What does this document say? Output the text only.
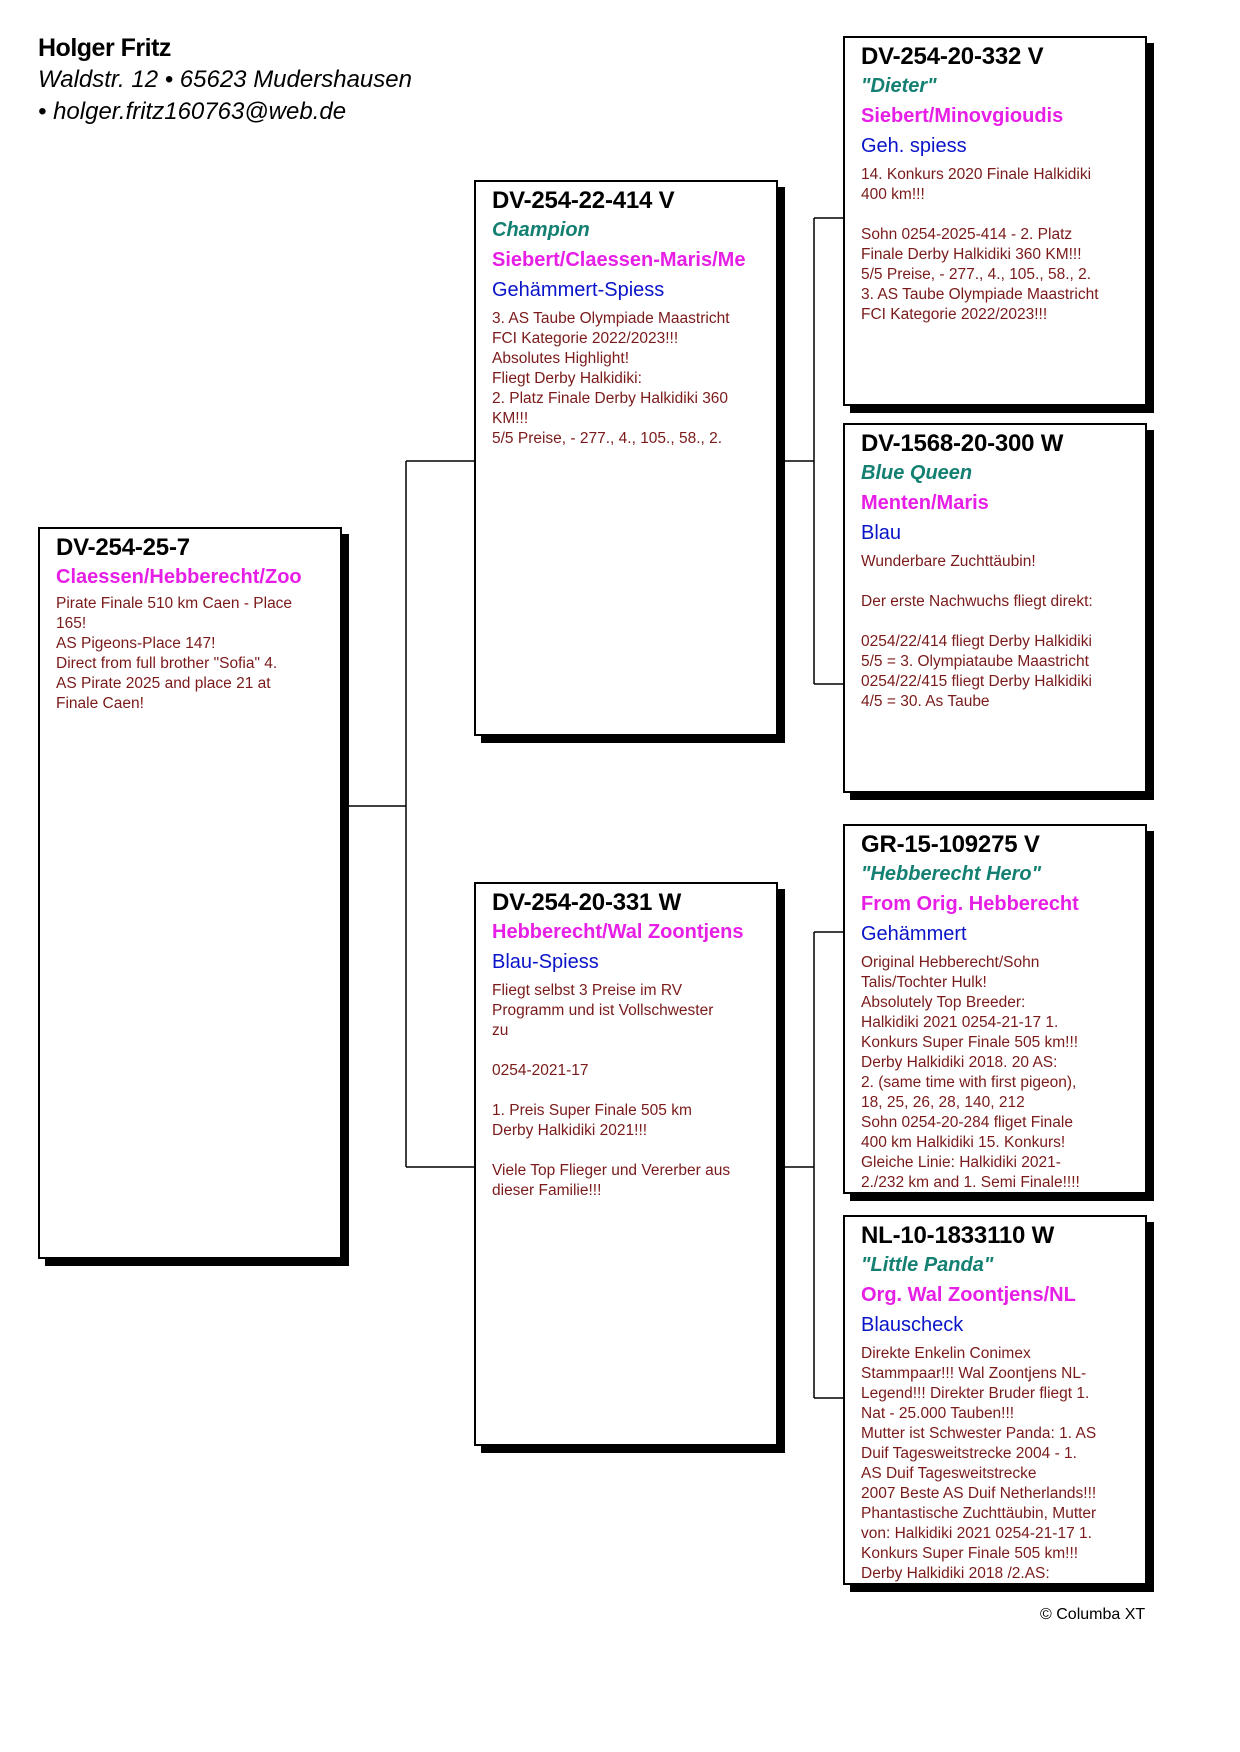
Holger Fritz
Waldstr. 12 • 65623 Mudershausen
• holger.fritz160763@web.de
DV-254-25-7
Claessen/Hebberecht/Zoo
Pirate Finale 510 km Caen - Place
165!
AS Pigeons-Place 147!
Direct from full brother "Sofia" 4.
AS Pirate 2025 and place 21 at
Finale Caen!
DV-254-22-414 V
Champion
Siebert/Claessen-Maris/Me
Gehämmert-Spiess
3. AS Taube Olympiade Maastricht
FCI Kategorie 2022/2023!!!
Absolutes Highlight!
Fliegt Derby Halkidiki:
2. Platz Finale Derby Halkidiki 360
KM!!!
5/5 Preise, - 277., 4., 105., 58., 2.
DV-254-20-331 W
Hebberecht/Wal Zoontjens
Blau-Spiess
Fliegt selbst 3 Preise im RV
Programm und ist Vollschwester
zu

0254-2021-17

1. Preis Super Finale 505 km
Derby Halkidiki 2021!!!

Viele Top Flieger und Vererber aus
dieser Familie!!!
DV-254-20-332 V
"Dieter"
Siebert/Minovgioudis
Geh. spiess
14. Konkurs 2020 Finale Halkidiki
400 km!!!

Sohn 0254-2025-414 - 2. Platz
Finale Derby Halkidiki 360 KM!!!
5/5 Preise, - 277., 4., 105., 58., 2.
3. AS Taube Olympiade Maastricht
FCI Kategorie 2022/2023!!!
DV-1568-20-300 W
Blue Queen
Menten/Maris
Blau
Wunderbare Zuchttäubin!

Der erste Nachwuchs fliegt direkt:

0254/22/414 fliegt Derby Halkidiki
5/5 = 3. Olympiataube Maastricht
0254/22/415 fliegt Derby Halkidiki
4/5 = 30. As Taube
GR-15-109275 V
"Hebberecht Hero"
From Orig. Hebberecht
Gehämmert
Original Hebberecht/Sohn
Talis/Tochter Hulk!
Absolutely Top Breeder:
Halkidiki 2021 0254-21-17 1.
Konkurs Super Finale 505 km!!!
Derby Halkidiki 2018. 20 AS:
2. (same time with first pigeon),
18, 25, 26, 28, 140, 212
Sohn 0254-20-284 fliget Finale
400 km Halkidiki 15. Konkurs!
Gleiche Linie: Halkidiki 2021-
2./232 km and 1. Semi Finale!!!!
NL-10-1833110 W
"Little Panda"
Org. Wal Zoontjens/NL
Blauscheck
Direkte Enkelin Conimex
Stammpaar!!! Wal Zoontjens NL-
Legend!!! Direkter Bruder fliegt 1.
Nat - 25.000 Tauben!!!
Mutter ist Schwester Panda: 1. AS
Duif Tagesweitstrecke 2004 - 1.
AS Duif Tagesweitstrecke
2007 Beste AS Duif Netherlands!!!
Phantastische Zuchttäubin, Mutter
von: Halkidiki 2021 0254-21-17 1.
Konkurs Super Finale 505 km!!!
Derby Halkidiki 2018 /2.AS:
© Columba XT
